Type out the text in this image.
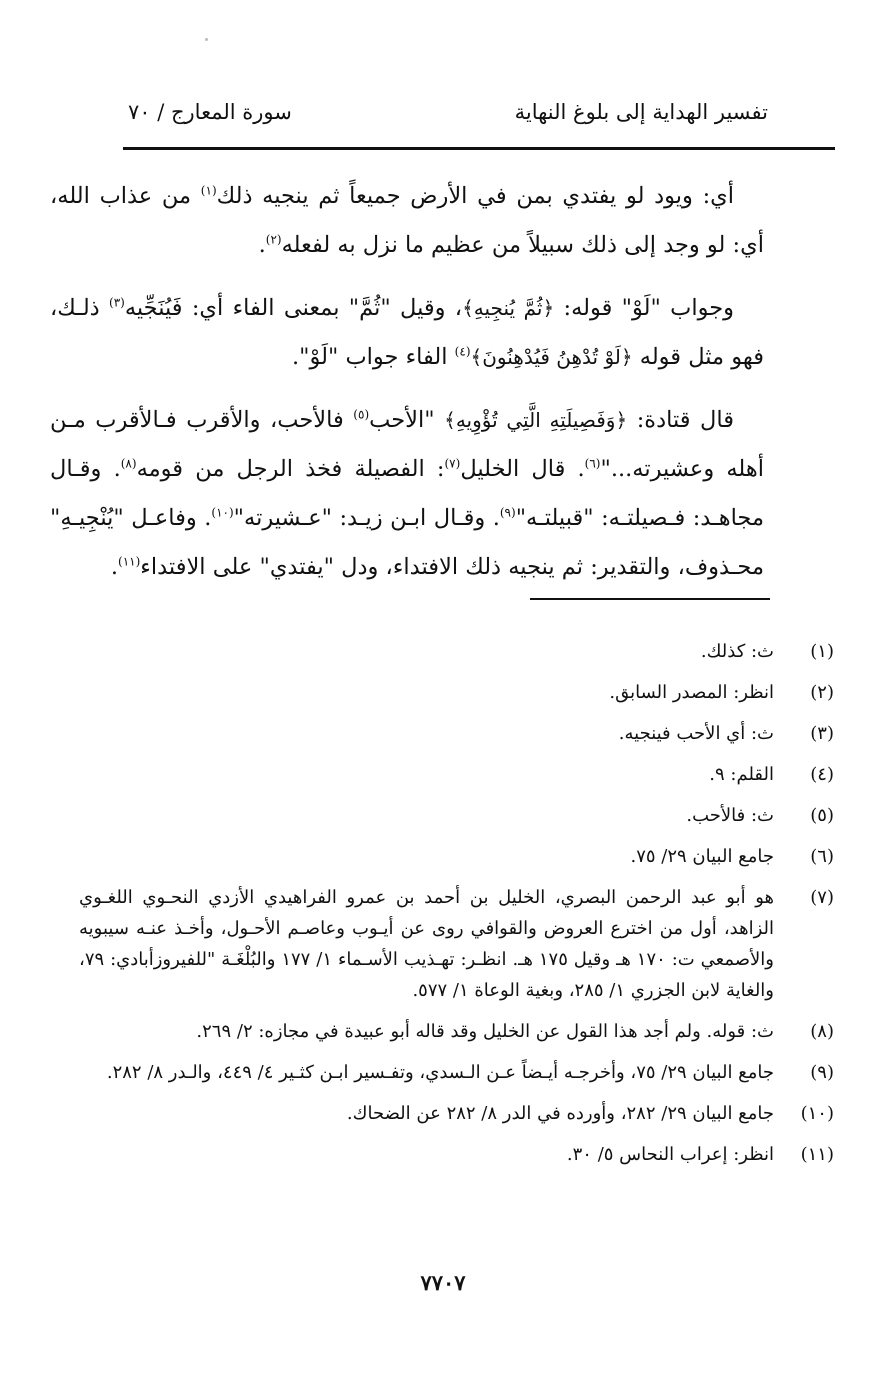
تفسير الهداية إلى بلوغ النهاية
سورة المعارج / ٧٠

أي: ويود لو يفتدي بمن في الأرض جميعاً ثم ينجيه ذلك$^{(١)}$ من عذاب الله، أي: لو وجد إلى ذلك سبيلاً من عظيم ما نزل به لفعله$^{(٢)}$.

وجواب "لَوْ" قوله: ﴿ثُمَّ يُنجِيهِ﴾، وقيل "ثُمَّ" بمعنى الفاء أي: فَيُنَجِّيه$^{(٣)}$ ذلـك، فهو مثل قوله ﴿لَوْ تُدْهِنُ فَيُدْهِنُونَ﴾$^{(٤)}$ الفاء جواب "لَوْ".

قال قتادة: ﴿وَفَصِيلَتِهِ الَّتِي تُؤْوِيهِ﴾ "الأحب$^{(٥)}$ فالأحب، والأقرب فـالأقرب مـن أهله وعشيرته..."$^{(٦)}$. قال الخليل$^{(٧)}$: الفصيلة فخذ الرجل من قومه$^{(٨)}$. وقـال مجاهـد: فـصيلتـه: "قبيلتـه"$^{(٩)}$. وقـال ابـن زيـد: "عـشيرته"$^{(١٠)}$. وفاعـل "يُنْجِيـهِ" محـذوف، والتقدير: ثم ينجيه ذلك الافتداء، ودل "يفتدي" على الافتداء$^{(١١)}$.

(١)
ث: كذلك.
(٢)
انظر: المصدر السابق.
(٣)
ث: أي الأحب فينجيه.
(٤)
القلم: ٩.
(٥)
ث: فالأحب.
(٦)
جامع البيان ٢٩/ ٧٥.
(٧)
هو أبو عبد الرحمن البصري، الخليل بن أحمد بن عمرو الفراهيدي الأزدي النحـوي اللغـوي الزاهد، أول من اخترع العروض والقوافي روى عن أيـوب وعاصـم الأحـول، وأخـذ عنـه سيبويه والأصمعي ت: ١٧٠ هـ وقيل ١٧٥ هـ. انظـر: تهـذيب الأسـماء ١/ ١٧٧ والبُلْغَـة "للفيروزأبادي: ٧٩، والغاية لابن الجزري ١/ ٢٨٥، وبغية الوعاة ١/ ٥٧٧.
(٨)
ث: قوله. ولم أجد هذا القول عن الخليل وقد قاله أبو عبيدة في مجازه: ٢/ ٢٦٩.
(٩)
جامع البيان ٢٩/ ٧٥، وأخرجـه أيـضاً عـن الـسدي، وتفـسير ابـن كثـير ٤/ ٤٤٩، والـدر ٨/ ٢٨٢.
(١٠)
جامع البيان ٢٩/ ٢٨٢، وأورده في الدر ٨/ ٢٨٢ عن الضحاك.
(١١)
انظر: إعراب النحاس ٥/ ٣٠.
٧٧٠٧
